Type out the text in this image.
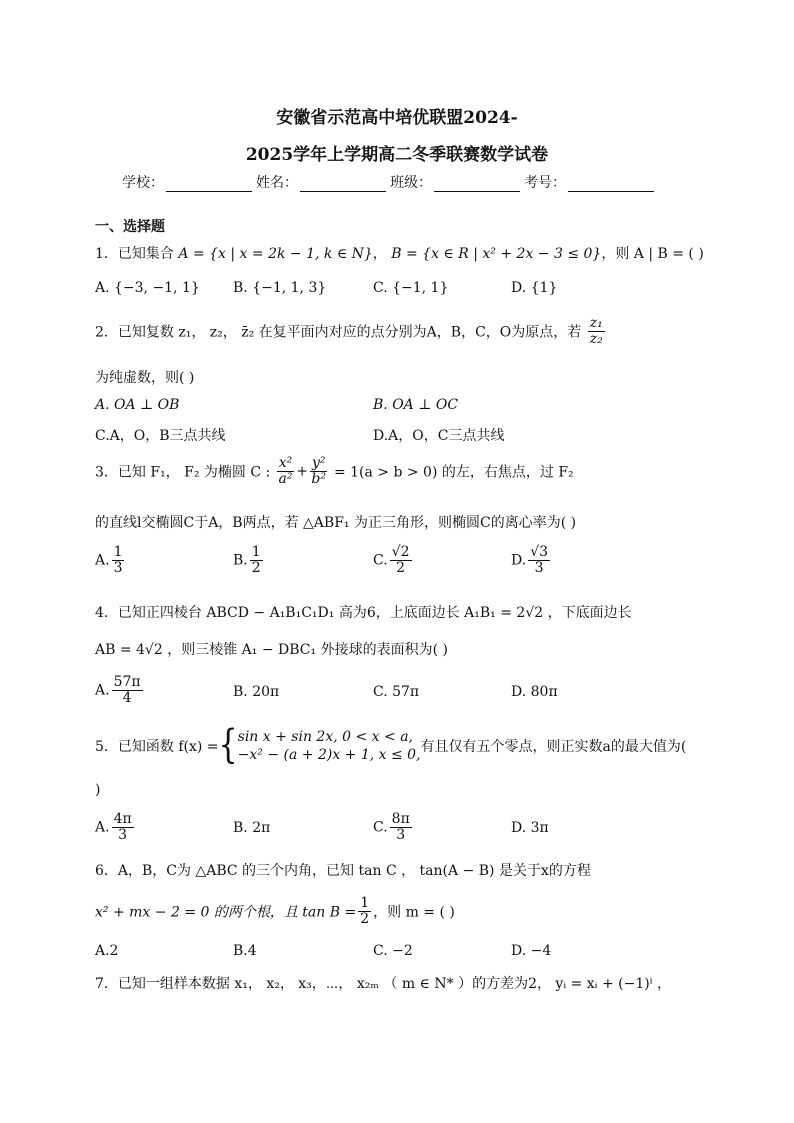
安徽省示范高中培优联盟2024-
2025学年上学期高二冬季联赛数学试卷
学校：	姓名：	班级：	考号：
一、选择题
1．已知集合 A = {x | x = 2k − 1, k ∈ N}， B = {x ∈ R | x² + 2x − 3 ≤ 0}，则 A | B = ( )
A. {−3, −1, 1} B. {−1, 1, 3}	C. {−1, 1}	D. {1}
2．已知复数 z₁， z₂， z̄₂ 在复平面内对应的点分别为A，B，C，O为原点，若 $\frac{\text{z₁}}{\text{z₂}}$
为纯虚数，则( )
A. OA ⊥ OB	B. OA ⊥ OC
C.A，O，B三点共线	D.A，O，C三点共线
3．已知 F₁， F₂ 为椭圆 C : $\frac{\text{x²}}{\text{a²}} + \frac{\text{y²}}{\text{b²}} = 1(a > b > 0)$ 的左，右焦点，过 F₂
的直线l交椭圆C于A，B两点，若 △ABF₁ 为正三角形，则椭圆C的离心率为( )
A. $\frac{1}{3}$	B. $\frac{1}{2}$	C. $\frac{√2}{2}$	D. $\frac{√3}{3}$
4．已知正四棱台 ABCD − A₁B₁C₁D₁ 高为6，上底面边长 A₁B₁ = 2√2 ，下底面边长
AB = 4√2 ，则三棱锥 A₁ − DBC₁ 外接球的表面积为( )
A. $\frac{57\pi}{4}$	B. 20π	C. 57π	D. 80π
5．已知函数 f(x) ={ sin x + sin 2x, 0 < x < a,
−x² − (a + 2)x + 1, x ≤ 0, 有且仅有五个零点，则正实数a的最大值为(
)
A. $\frac{4\pi}{3}$	B. 2π	C. $\frac{8\pi}{3}$	D. 3π
6．A，B，C为 △ABC 的三个内角，已知 tan C ， tan(A − B) 是关于x的方程
x² + mx − 2 = 0 的两个根，且 $\tan B = \frac{1}{2}$ ，则 m = ( )
A.2	B.4	C. −2	D. −4
7．已知一组样本数据 x₁， x₂， x₃，⋯， x₂ₘ （ m ∈ N* ）的方差为2， yᵢ = xᵢ + (−1)ⁱ ，
